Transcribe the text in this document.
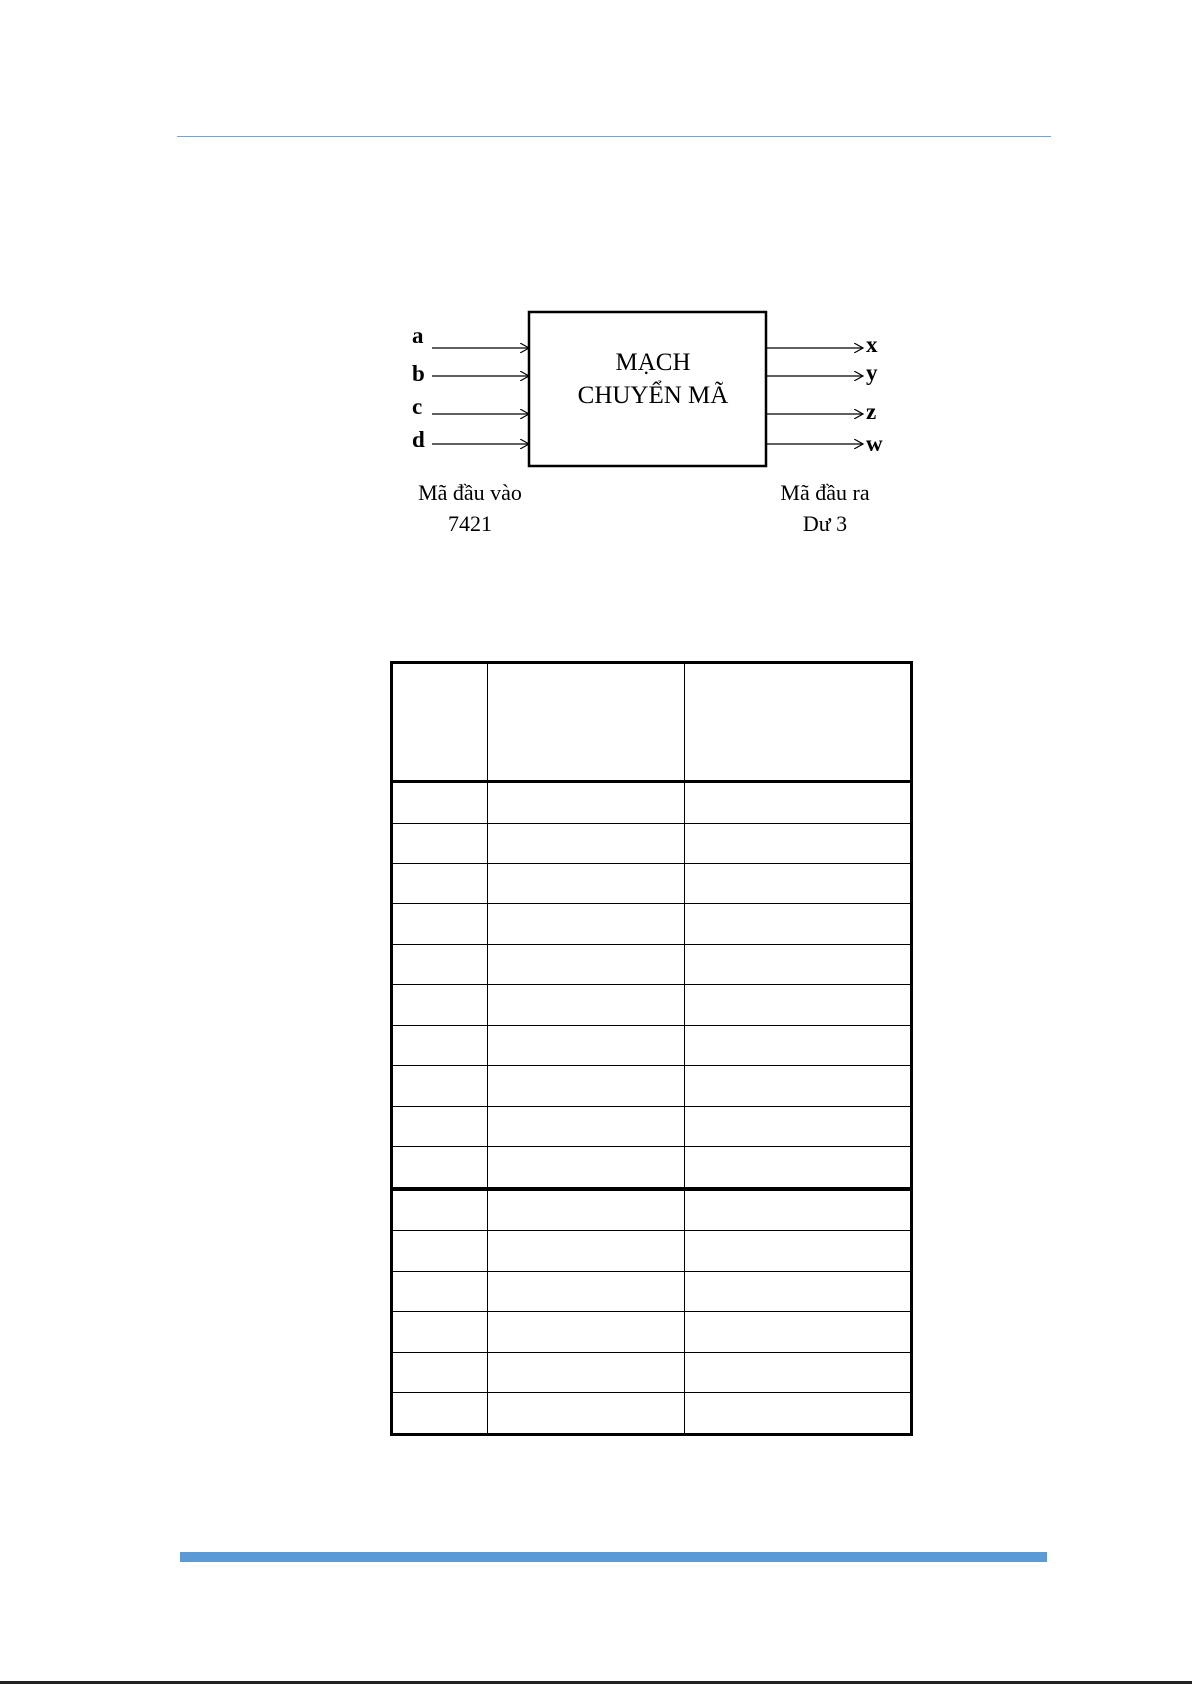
MẠCH
CHUYỂN MÃ
a
b
c
d
x
y
z
w
Mã đầu vào
7421
Mã đầu ra
Dư 3
